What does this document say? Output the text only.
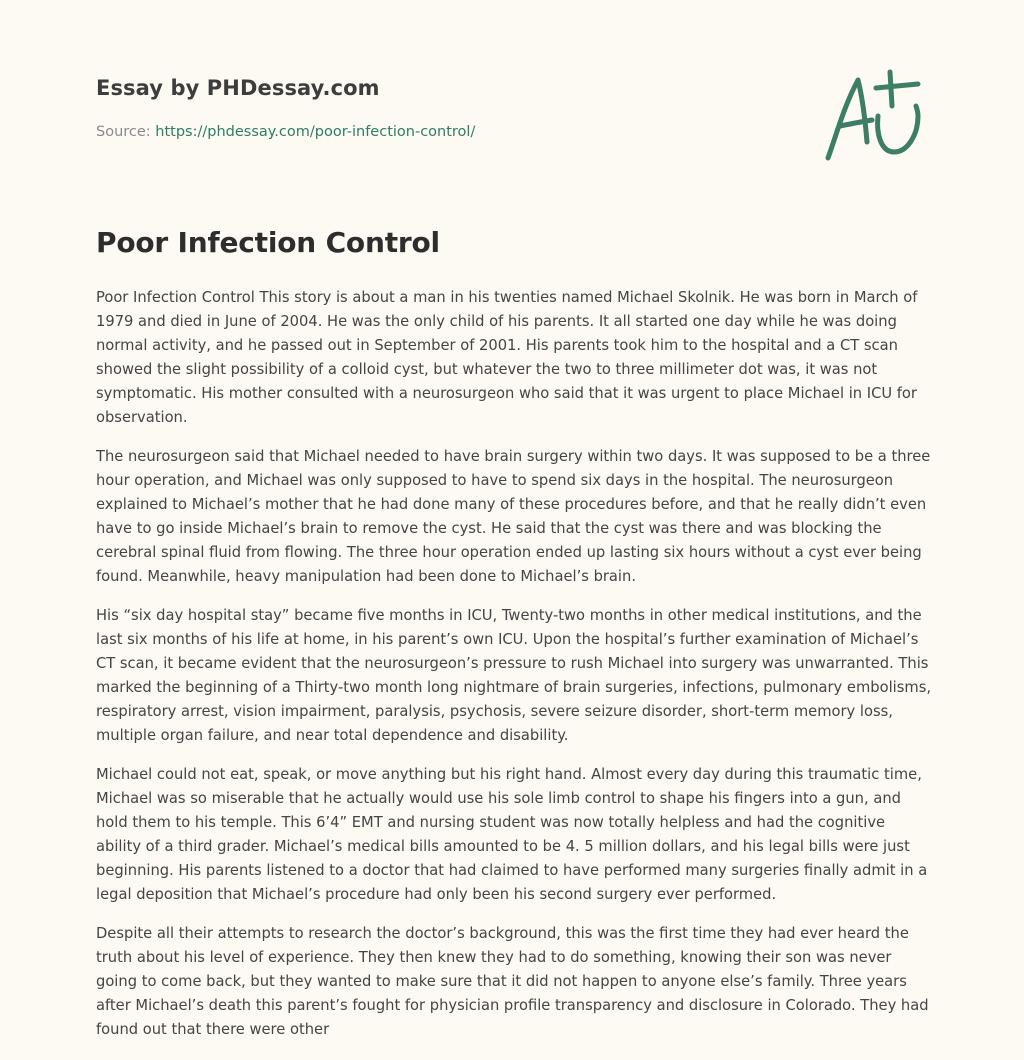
Essay by PHDessay.com

Source: https://phdessay.com/poor-infection-control/

Poor Infection Control

Poor Infection Control This story is about a man in his twenties named Michael Skolnik. He was born in March of 1979 and died in June of 2004. He was the only child of his parents. It all started one day while he was doing normal activity, and he passed out in September of 2001. His parents took him to the hospital and a CT scan showed the slight possibility of a colloid cyst, but whatever the two to three millimeter dot was, it was not symptomatic. His mother consulted with a neurosurgeon who said that it was urgent to place Michael in ICU for observation.

The neurosurgeon said that Michael needed to have brain surgery within two days. It was supposed to be a three hour operation, and Michael was only supposed to have to spend six days in the hospital. The neurosurgeon explained to Michael’s mother that he had done many of these procedures before, and that he really didn’t even have to go inside Michael’s brain to remove the cyst. He said that the cyst was there and was blocking the cerebral spinal fluid from flowing. The three hour operation ended up lasting six hours without a cyst ever being found. Meanwhile, heavy manipulation had been done to Michael’s brain.

His “six day hospital stay” became five months in ICU, Twenty-two months in other medical institutions, and the last six months of his life at home, in his parent’s own ICU. Upon the hospital’s further examination of Michael’s CT scan, it became evident that the neurosurgeon’s pressure to rush Michael into surgery was unwarranted. This marked the beginning of a Thirty-two month long nightmare of brain surgeries, infections, pulmonary embolisms, respiratory arrest, vision impairment, paralysis, psychosis, severe seizure disorder, short-term memory loss, multiple organ failure, and near total dependence and disability.

Michael could not eat, speak, or move anything but his right hand. Almost every day during this traumatic time, Michael was so miserable that he actually would use his sole limb control to shape his fingers into a gun, and hold them to his temple. This 6’4” EMT and nursing student was now totally helpless and had the cognitive ability of a third grader. Michael’s medical bills amounted to be 4. 5 million dollars, and his legal bills were just beginning. His parents listened to a doctor that had claimed to have performed many surgeries finally admit in a legal deposition that Michael’s procedure had only been his second surgery ever performed.

Despite all their attempts to research the doctor’s background, this was the first time they had ever heard the truth about his level of experience. They then knew they had to do something, knowing their son was never going to come back, but they wanted to make sure that it did not happen to anyone else’s family. Three years after Michael’s death this parent’s fought for physician profile transparency and disclosure in Colorado. They had found out that there were other
